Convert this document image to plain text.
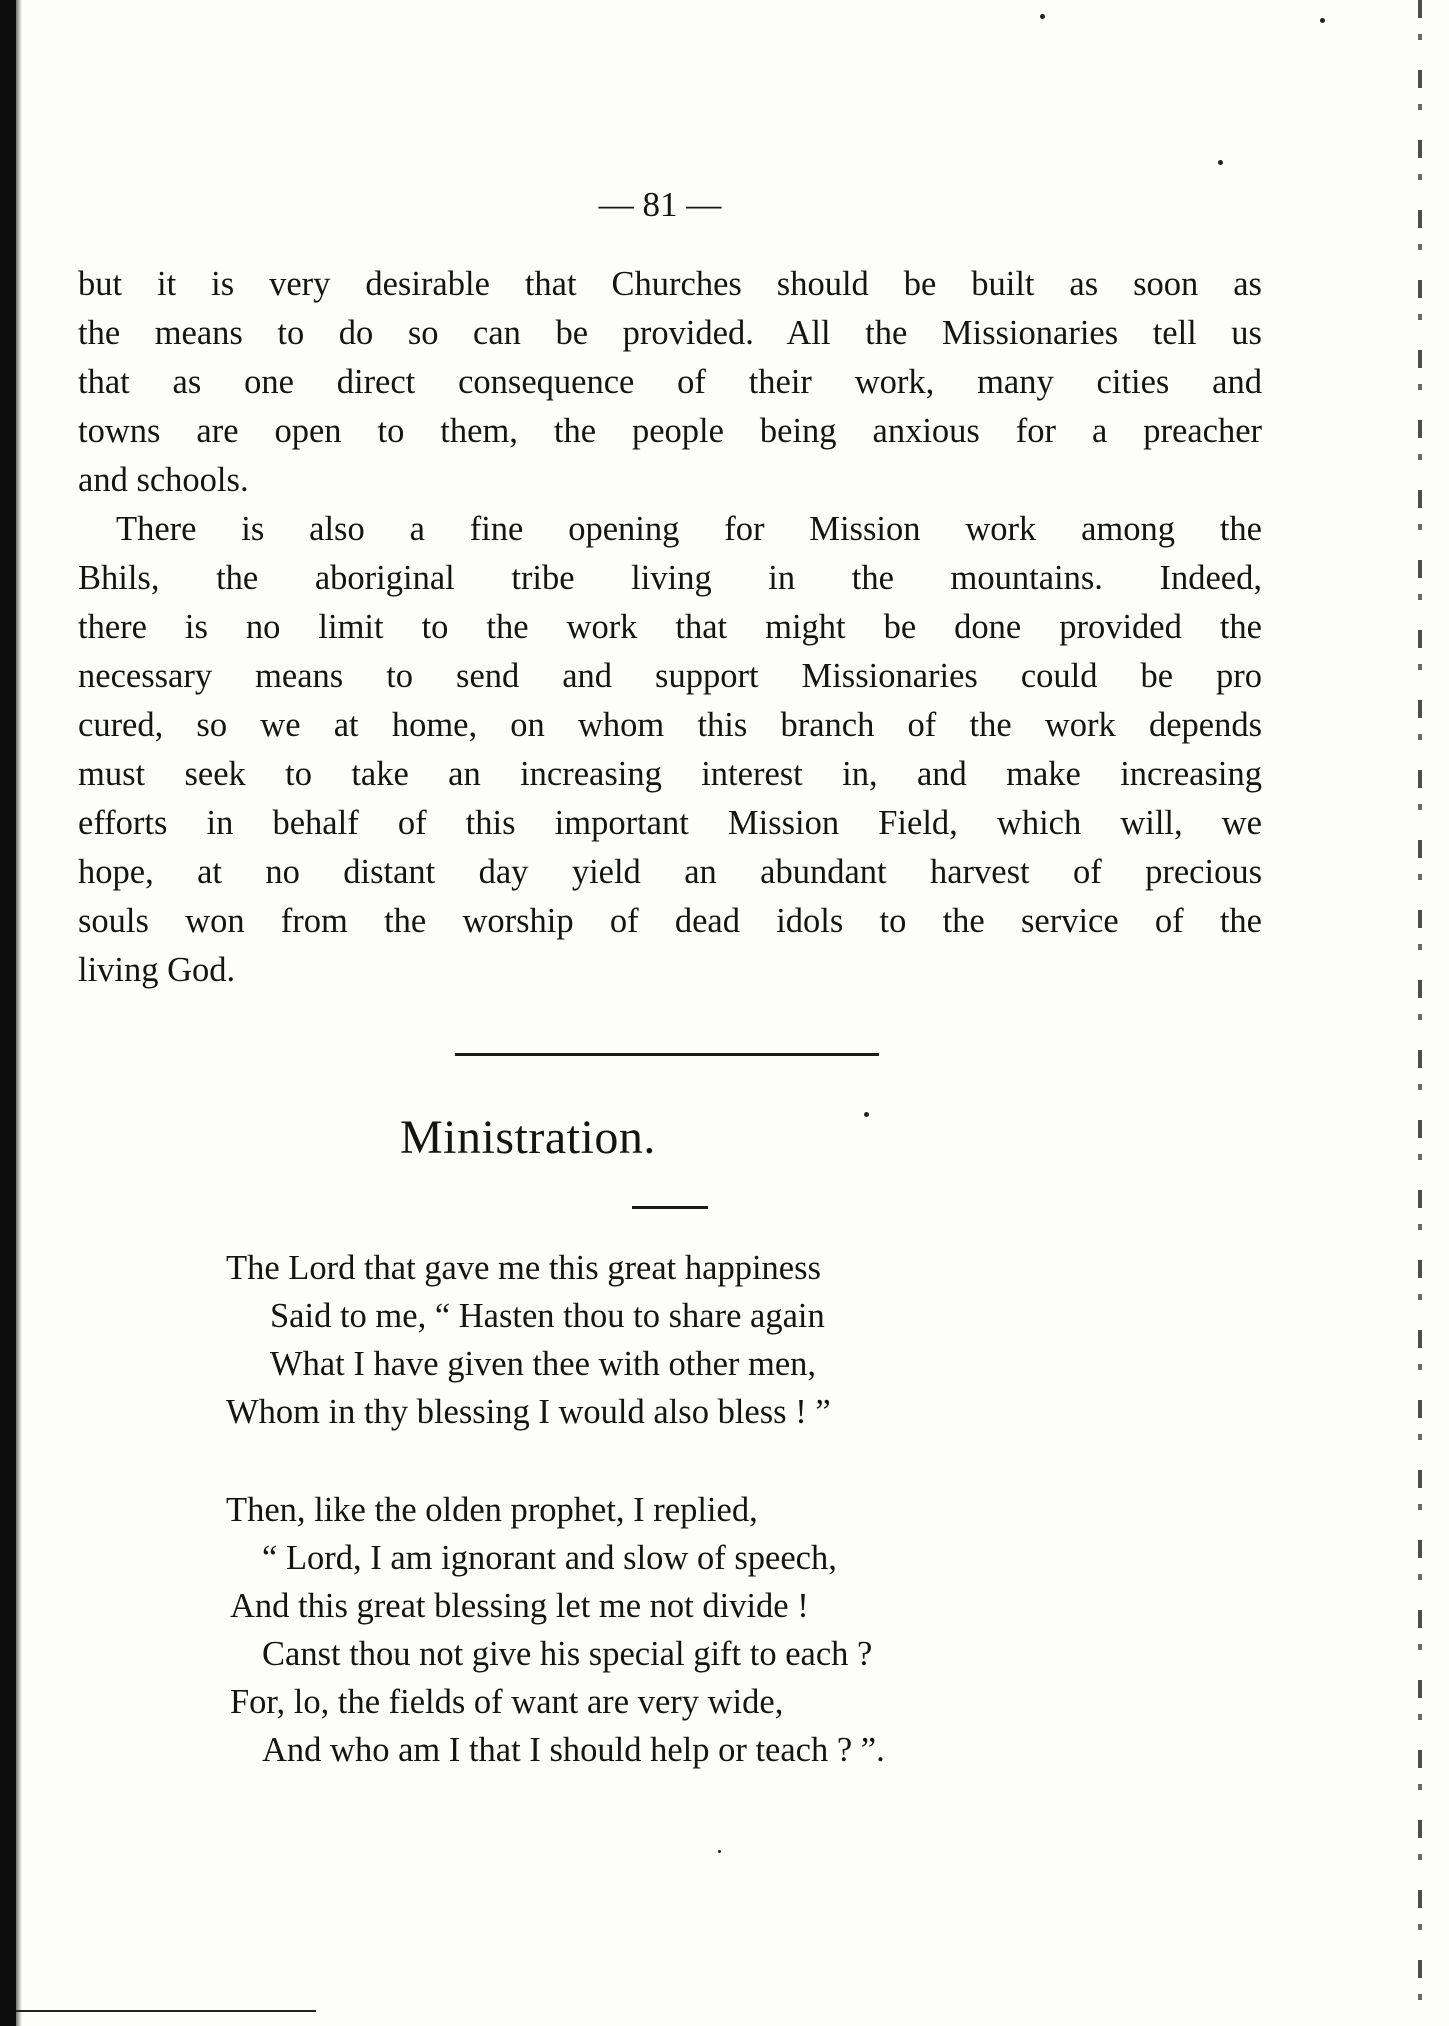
— 81 —

but it is very desirable that Churches should be built as soon as

the means to do so can be provided. All the Missionaries tell us

that as one direct consequence of their work, many cities and

towns are open to them, the people being anxious for a preacher

and schools.

There is also a fine opening for Mission work among the

Bhils, the aboriginal tribe living in the mountains. Indeed,

there is no limit to the work that might be done provided the

necessary means to send and support Missionaries could be pro

cured, so we at home, on whom this branch of the work depends

must seek to take an increasing interest in, and make increasing

efforts in behalf of this important Mission Field, which will, we

hope, at no distant day yield an abundant harvest of precious

souls won from the worship of dead idols to the service of the

living God.

Ministration.
The Lord that gave me this great happiness
Said to me, “ Hasten thou to share again
What I have given thee with other men,
Whom in thy blessing I would also bless ! ”
Then, like the olden prophet, I replied,
“ Lord, I am ignorant and slow of speech,
And this great blessing let me not divide !
Canst thou not give his special gift to each ?
For, lo, the fields of want are very wide,
And who am I that I should help or teach ? ”.
